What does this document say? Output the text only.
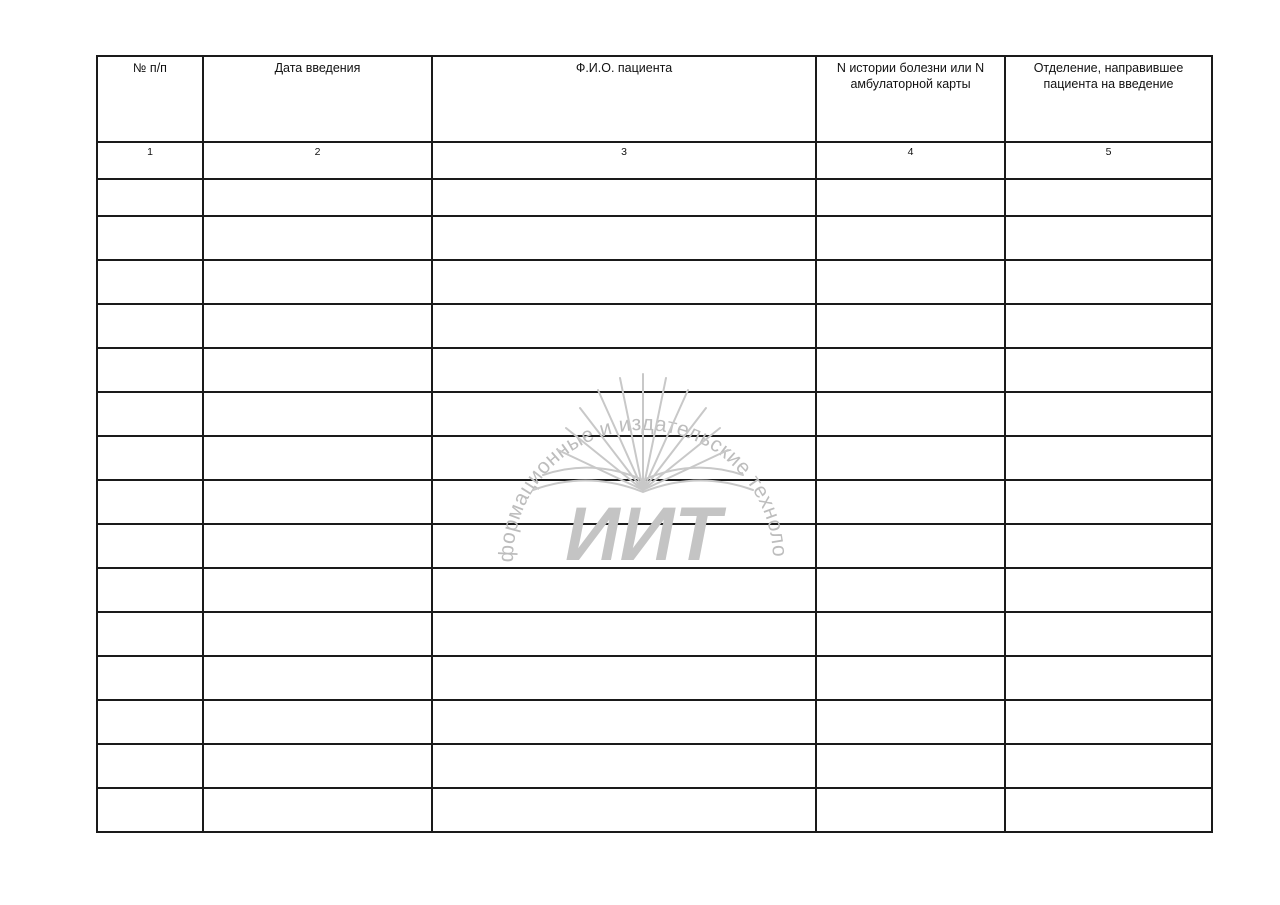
№ п/п	Дата введения	Ф.И.О. пациента	N истории болезни или N амбулаторной карты	Отделение, направившее пациента на введение
1	2	3	4	5

формационные и издательские техноло
ИИТ
